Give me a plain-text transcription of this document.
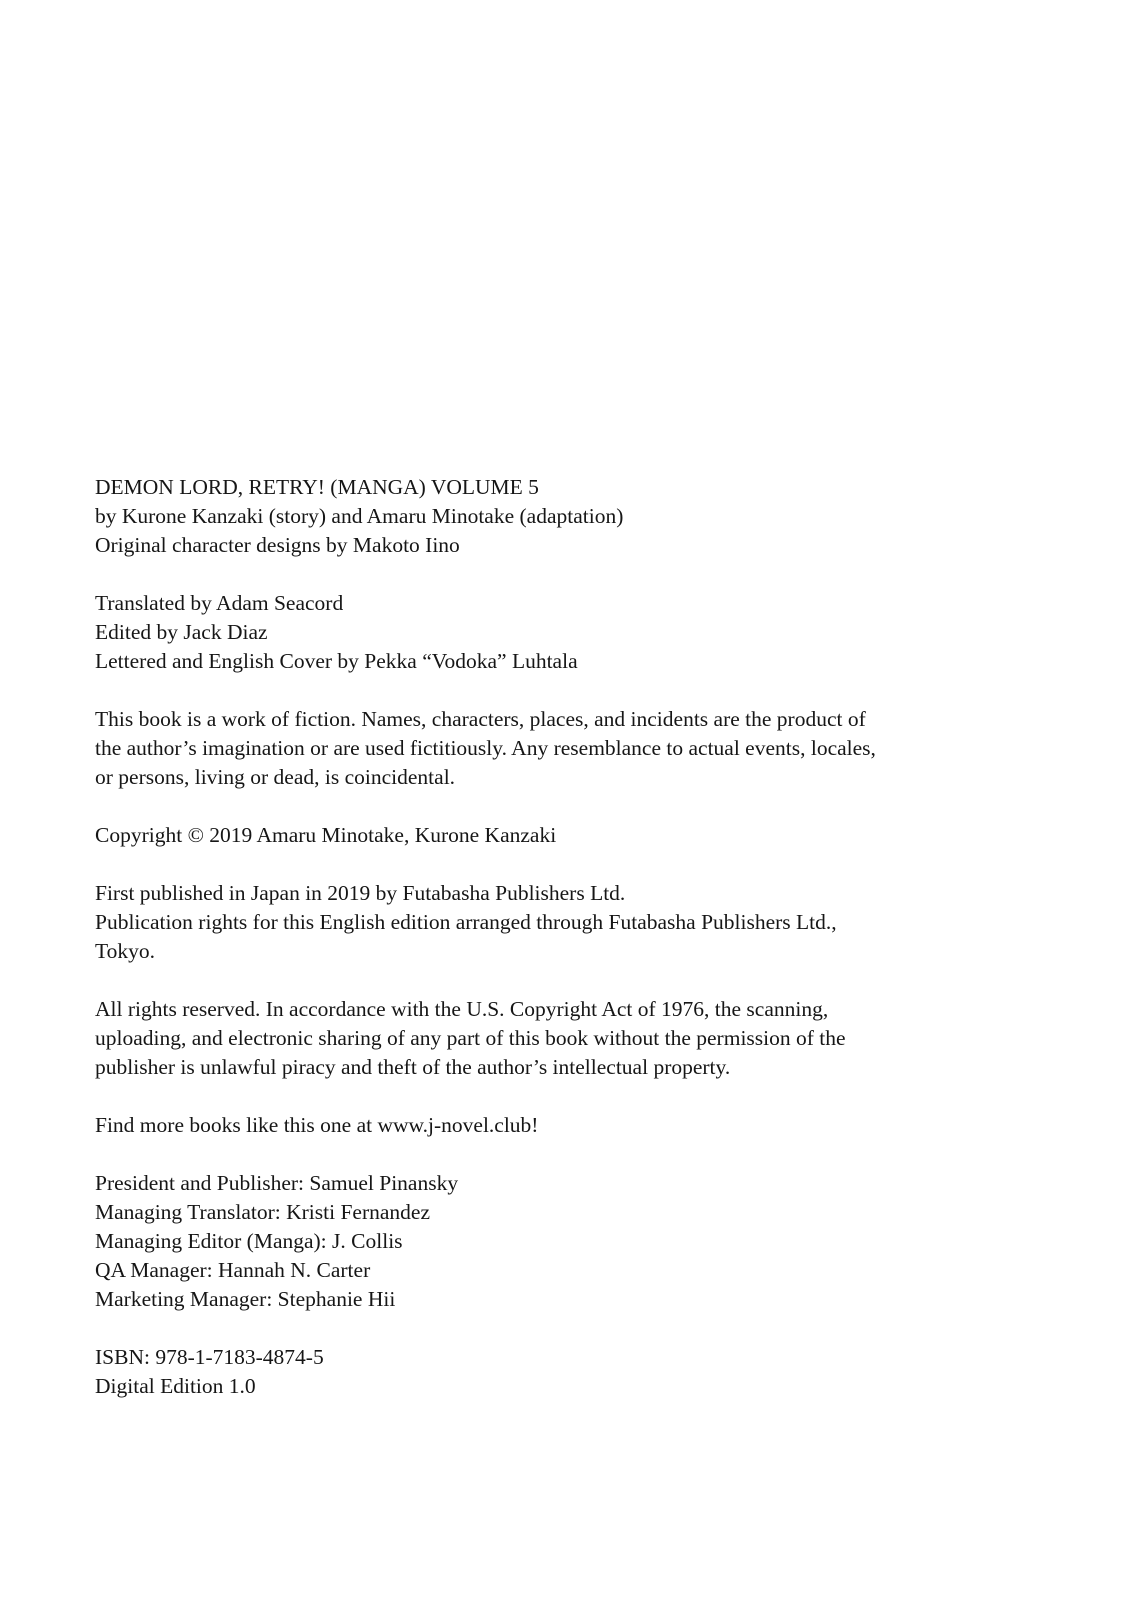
DEMON LORD, RETRY! (MANGA) VOLUME 5
by Kurone Kanzaki (story) and Amaru Minotake (adaptation)
Original character designs by Makoto Iino

Translated by Adam Seacord
Edited by Jack Diaz
Lettered and English Cover by Pekka “Vodoka” Luhtala

This book is a work of fiction. Names, characters, places, and incidents are the product of
the author’s imagination or are used fictitiously. Any resemblance to actual events, locales,
or persons, living or dead, is coincidental.

Copyright © 2019 Amaru Minotake, Kurone Kanzaki

First published in Japan in 2019 by Futabasha Publishers Ltd.
Publication rights for this English edition arranged through Futabasha Publishers Ltd.,
Tokyo.

All rights reserved. In accordance with the U.S. Copyright Act of 1976, the scanning,
uploading, and electronic sharing of any part of this book without the permission of the
publisher is unlawful piracy and theft of the author’s intellectual property.

Find more books like this one at www.j-novel.club!

President and Publisher: Samuel Pinansky
Managing Translator: Kristi Fernandez
Managing Editor (Manga): J. Collis
QA Manager: Hannah N. Carter
Marketing Manager: Stephanie Hii

ISBN: 978-1-7183-4874-5
Digital Edition 1.0
